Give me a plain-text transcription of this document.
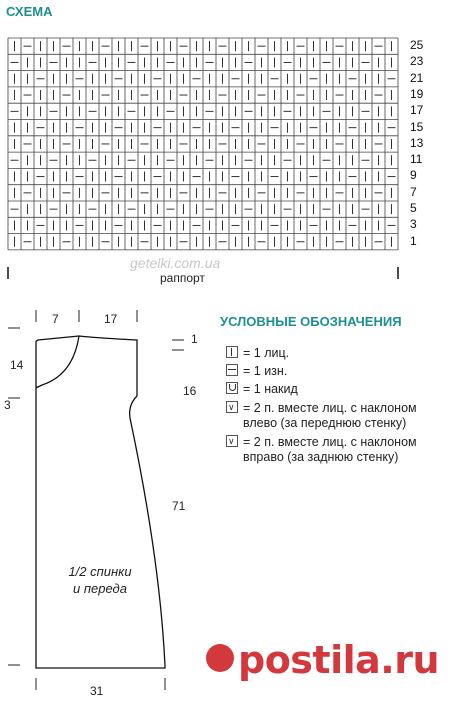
СХЕМА
25
23
21
19
17
15
13
11
9
7
5
3
1
раппорт
getelki.com.ua
7	17
1
14
16
3
71
31
1/2 спинки
и переда
УСЛОВНЫЕ ОБОЗНАЧЕНИЯ
= 1 лиц.
= 1 изн.
= 1 накид
∨ = 2 п. вместе лиц. с наклоном
влево (за переднюю стенку)
∨ = 2 п. вместе лиц. с наклоном
вправо (за заднюю стенку)
postila.ru
